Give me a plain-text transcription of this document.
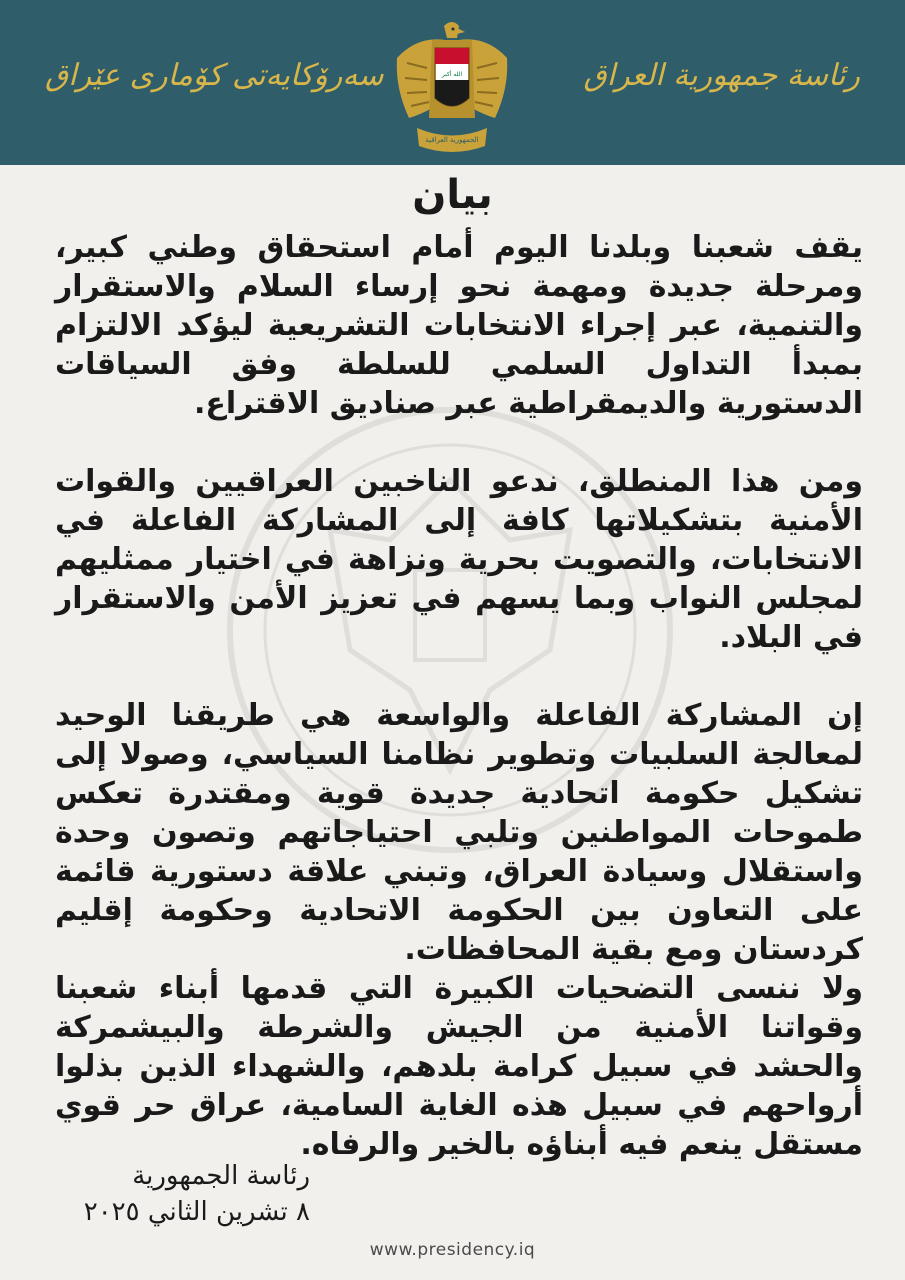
رئاسة جمهورية العراق
سەرۆکایەتی کۆماری عێراق	الله أكبر
الجمهورية العراقية
بيان

يقف شعبنا وبلدنا اليوم أمام استحقاق وطني كبير، ومرحلة جديدة ومهمة نحو إرساء السلام والاستقرار والتنمية، عبر إجراء الانتخابات التشريعية ليؤكد الالتزام بمبدأ التداول السلمي للسلطة وفق السياقات الدستورية والديمقراطية عبر صناديق الاقتراع.

ومن هذا المنطلق، ندعو الناخبين العراقيين والقوات الأمنية بتشكيلاتها كافة إلى المشاركة الفاعلة في الانتخابات، والتصويت بحرية ونزاهة في اختيار ممثليهم لمجلس النواب وبما يسهم في تعزيز الأمن والاستقرار في البلاد.

إن المشاركة الفاعلة والواسعة هي طريقنا الوحيد لمعالجة السلبيات وتطوير نظامنا السياسي، وصولا إلى تشكيل حكومة اتحادية جديدة قوية ومقتدرة تعكس طموحات المواطنين وتلبي احتياجاتهم وتصون وحدة واستقلال وسيادة العراق، وتبني علاقة دستورية قائمة على التعاون بين الحكومة الاتحادية وحكومة إقليم كردستان ومع بقية المحافظات.

ولا ننسى التضحيات الكبيرة التي قدمها أبناء شعبنا وقواتنا الأمنية من الجيش والشرطة والبيشمركة والحشد في سبيل كرامة بلدهم، والشهداء الذين بذلوا أرواحهم في سبيل هذه الغاية السامية، عراق حر قوي مستقل ينعم فيه أبناؤه بالخير والرفاه.

رئاسة الجمهورية
٨ تشرين الثاني ٢٠٢٥
www.presidency.iq
